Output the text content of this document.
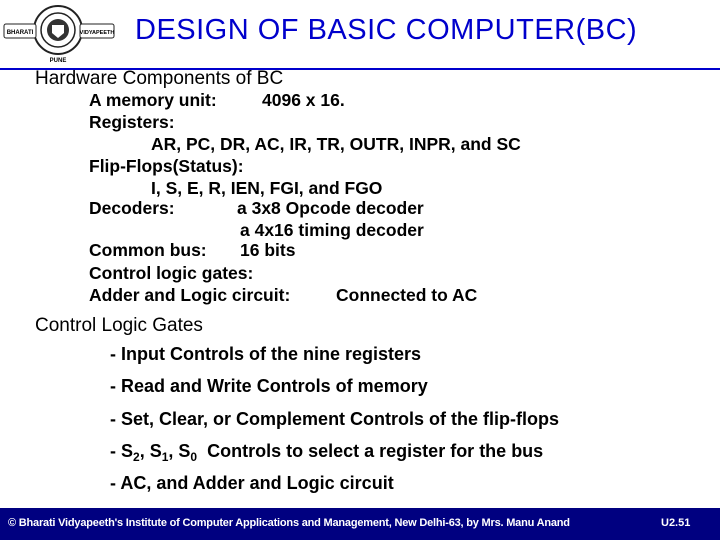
BHARATI	VIDYAPEETH
PUNE
DESIGN OF BASIC COMPUTER(BC)
Hardware Components of BC
A memory unit:	4096 x 16.
Registers:
AR, PC, DR, AC, IR, TR, OUTR, INPR, and SC
Flip-Flops(Status):
I, S, E, R, IEN, FGI, and FGO
Decoders:	a 3x8 Opcode decoder
a 4x16 timing decoder
Common bus: 16 bits
Control logic gates:
Adder and Logic circuit:	Connected to AC
Control Logic Gates
- Input Controls of the nine registers
- Read and Write Controls of memory
- Set, Clear, or Complement Controls of the flip-flops
- $S_2$, $S_1$, $S_0$ Controls to select a register for the bus
- AC, and Adder and Logic circuit
© Bharati Vidyapeeth's Institute of Computer Applications and Management, New Delhi-63, by Mrs. Manu Anand	U2.51
